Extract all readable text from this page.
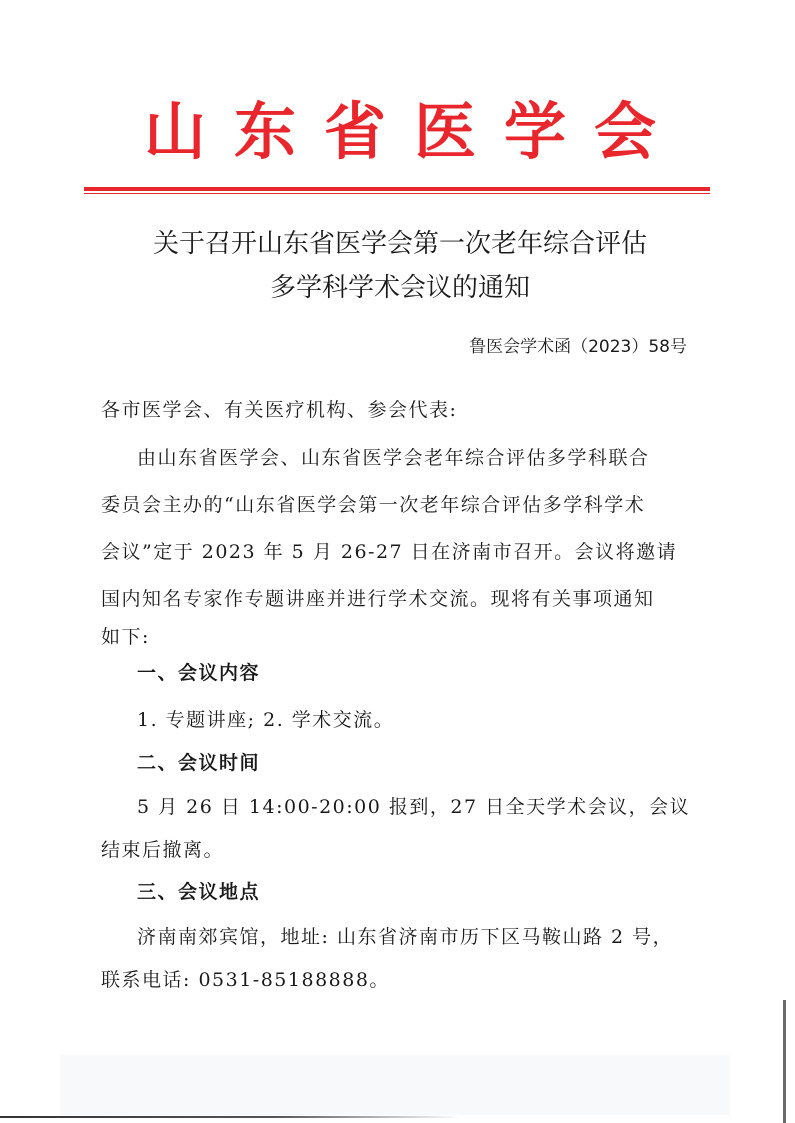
山东省医学会
关于召开山东省医学会第一次老年综合评估
多学科学术会议的通知
鲁医会学术函（2023）58号
各市医学会、有关医疗机构、参会代表:
由山东省医学会、山东省医学会老年综合评估多学科联合
委员会主办的“山东省医学会第一次老年综合评估多学科学术
会议”定于 2023 年 5 月 26-27 日在济南市召开。会议将邀请
国内知名专家作专题讲座并进行学术交流。现将有关事项通知
如下:
一、会议内容
1. 专题讲座; 2. 学术交流。
二、会议时间
5 月 26 日 14:00-20:00 报到，27 日全天学术会议，会议
结束后撤离。
三、会议地点
济南南郊宾馆，地址: 山东省济南市历下区马鞍山路 2 号，
联系电话: 0531-85188888。
